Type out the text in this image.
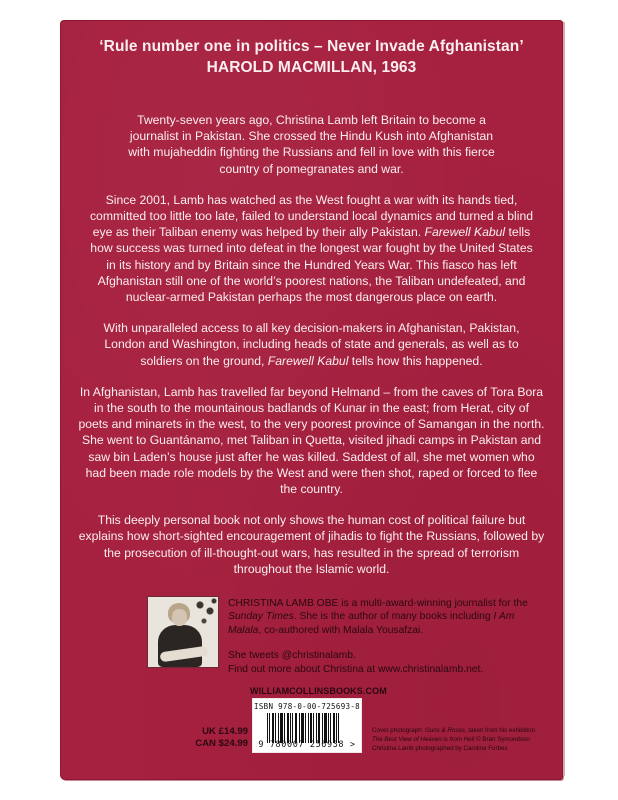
‘Rule number one in politics – Never Invade Afghanistan’
HAROLD MACMILLAN, 1963

Twenty-seven years ago, Christina Lamb left Britain to become a journalist in Pakistan. She crossed the Hindu Kush into Afghanistan with mujaheddin fighting the Russians and fell in love with this fierce country of pomegranates and war.

Since 2001, Lamb has watched as the West fought a war with its hands tied, committed too little too late, failed to understand local dynamics and turned a blind eye as their Taliban enemy was helped by their ally Pakistan. Farewell Kabul tells how success was turned into defeat in the longest war fought by the United States in its history and by Britain since the Hundred Years War. This fiasco has left Afghanistan still one of the world’s poorest nations, the Taliban undefeated, and nuclear-armed Pakistan perhaps the most dangerous place on earth.

With unparalleled access to all key decision-makers in Afghanistan, Pakistan, London and Washington, including heads of state and generals, as well as to soldiers on the ground, Farewell Kabul tells how this happened.

In Afghanistan, Lamb has travelled far beyond Helmand – from the caves of Tora Bora in the south to the mountainous badlands of Kunar in the east; from Herat, city of poets and minarets in the west, to the very poorest province of Samangan in the north. She went to Guantánamo, met Taliban in Quetta, visited jihadi camps in Pakistan and saw bin Laden’s house just after he was killed. Saddest of all, she met women who had been made role models by the West and were then shot, raped or forced to flee the country.

This deeply personal book not only shows the human cost of political failure but explains how short-sighted encouragement of jihadis to fight the Russians, followed by the prosecution of ill-thought-out wars, has resulted in the spread of terrorism throughout the Islamic world.

CHRISTINA LAMB OBE is a multi-award-winning journalist for the Sunday Times. She is the author of many books including I Am Malala, co-authored with Malala Yousafzai.

She tweets @christinalamb.
Find out more about Christina at www.christinalamb.net.

WILLIAMCOLLINSBOOKS.COM
ISBN 978-0-00-725693-8
9 780007 256938 >
UK £14.99
CAN $24.99
Cover photograph: Guns & Roses, taken from his exhibition
The Best View of Heaven is from Hell © Bran Symondson
Christina Lamb photographed by Caroline Forbes
